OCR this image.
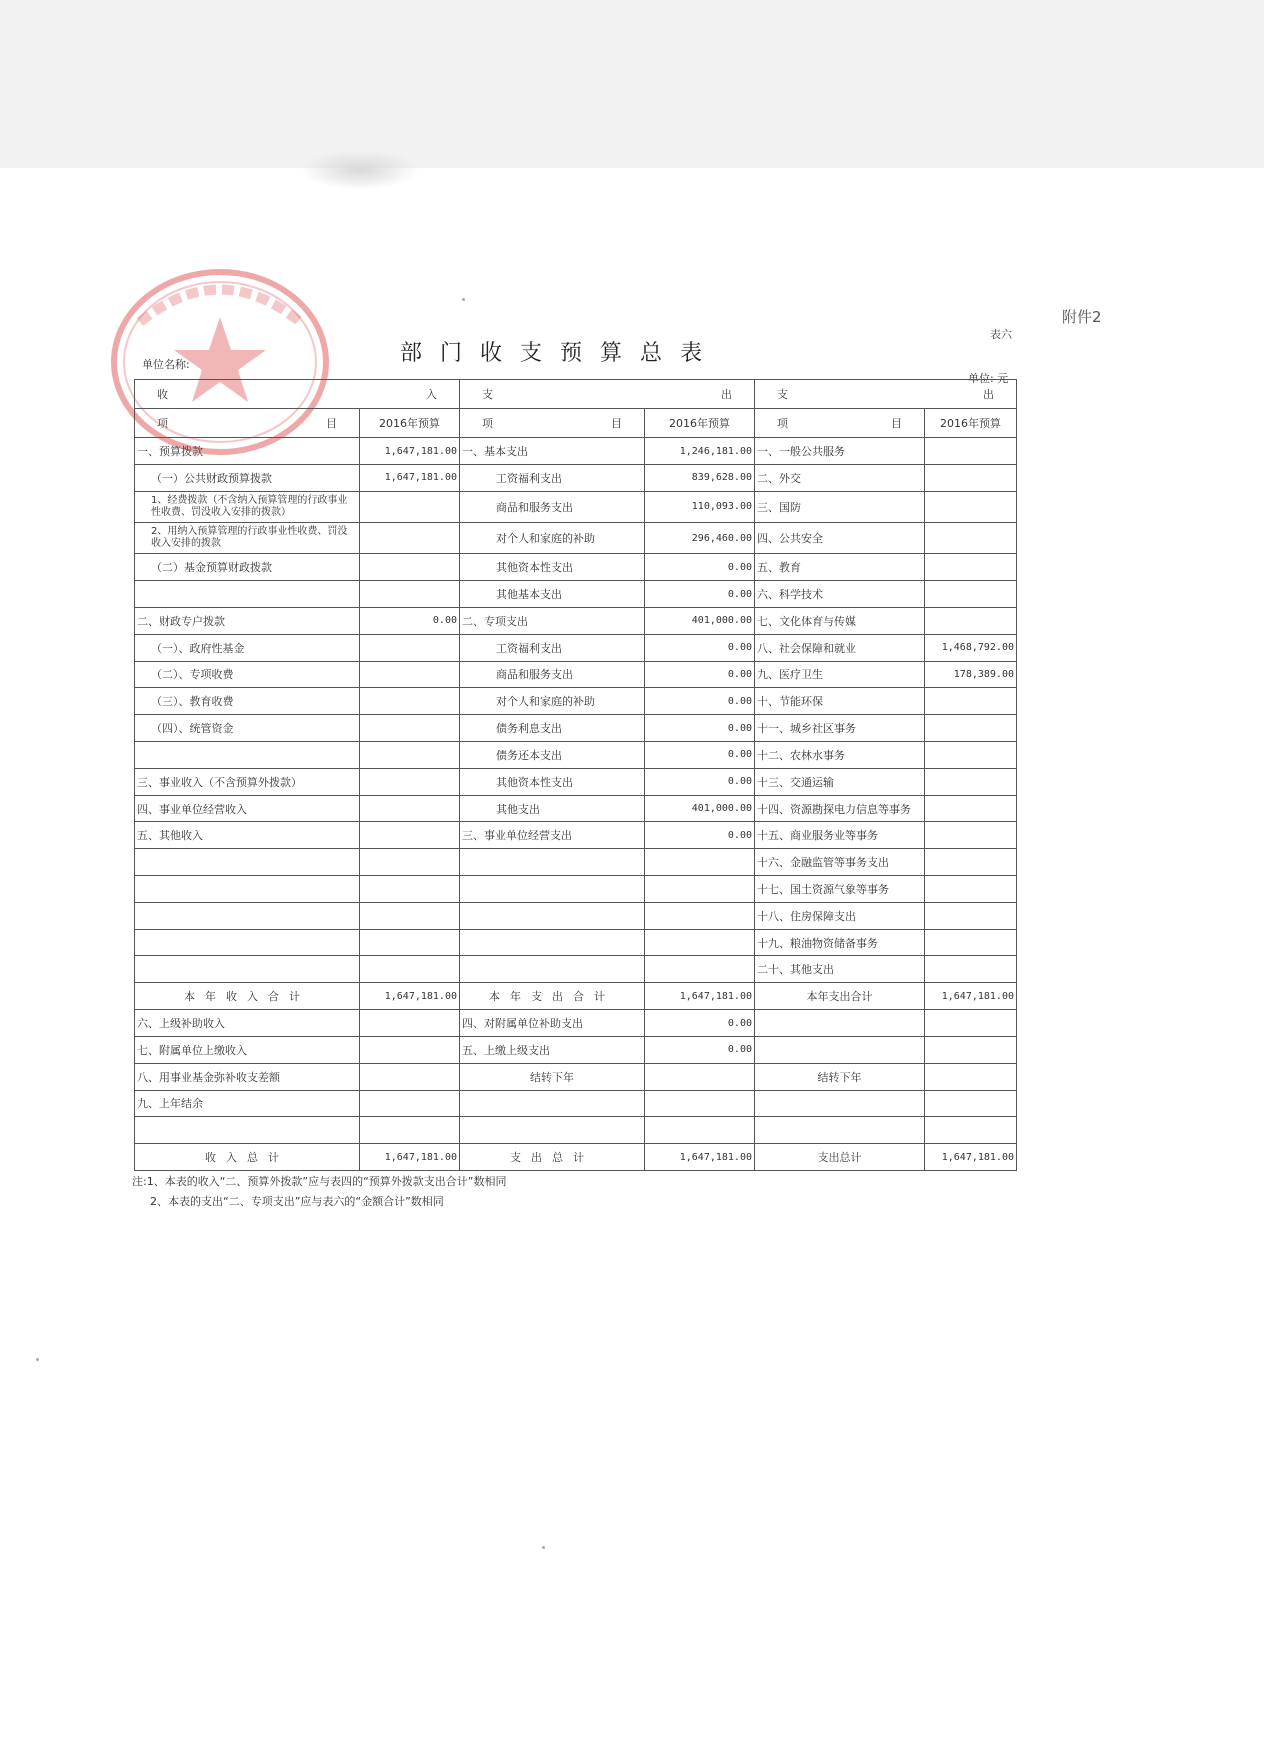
附件2
表六
部门收支预算总表
单位名称:
单位: 元
收 入		支 出		支 出	

项 目	2016年预算	项 目	2016年预算	项 目	2016年预算
一、预算拨款	1,647,181.00	一、基本支出	1,246,181.00	一、一般公共服务	
（一）公共财政预算拨款	1,647,181.00	工资福利支出	839,628.00	二、外交	
1、经费拨款（不含纳入预算管理的行政事业性收费、罚没收入安排的拨款）		商品和服务支出	110,093.00	三、国防	
2、用纳入预算管理的行政事业性收费、罚没收入安排的拨款		对个人和家庭的补助	296,460.00	四、公共安全	
（二）基金预算财政拨款		其他资本性支出	0.00	五、教育	
		其他基本支出	0.00	六、科学技术	
二、财政专户拨款	0.00	二、专项支出	401,000.00	七、文化体育与传媒	
（一）、政府性基金		工资福利支出	0.00	八、社会保障和就业	1,468,792.00
（二）、专项收费		商品和服务支出	0.00	九、医疗卫生	178,389.00
（三）、教育收费		对个人和家庭的补助	0.00	十、节能环保	
（四）、统管资金		债务利息支出	0.00	十一、城乡社区事务	
		债务还本支出	0.00	十二、农林水事务	
三、事业收入（不含预算外拨款）		其他资本性支出	0.00	十三、交通运输	
四、事业单位经营收入		其他支出	401,000.00	十四、资源勘探电力信息等事务	
五、其他收入		三、事业单位经营支出	0.00	十五、商业服务业等事务	
				十六、金融监管等事务支出	
				十七、国土资源气象等事务	
				十八、住房保障支出	
				十九、粮油物资储备事务	
				二十、其他支出	
本年收入合计	1,647,181.00	本年支出合计	1,647,181.00	本年支出合计	1,647,181.00
六、上级补助收入		四、对附属单位补助支出	0.00		
七、附属单位上缴收入		五、上缴上级支出	0.00		
八、用事业基金弥补收支差额		结转下年		结转下年	
九、上年结余					

收入总计	1,647,181.00	支出总计	1,647,181.00	支出总计	1,647,181.00
注:1、本表的收入“二、预算外拨款”应与表四的“预算外拨款支出合计”数相同
2、本表的支出“二、专项支出”应与表六的“金额合计”数相同
